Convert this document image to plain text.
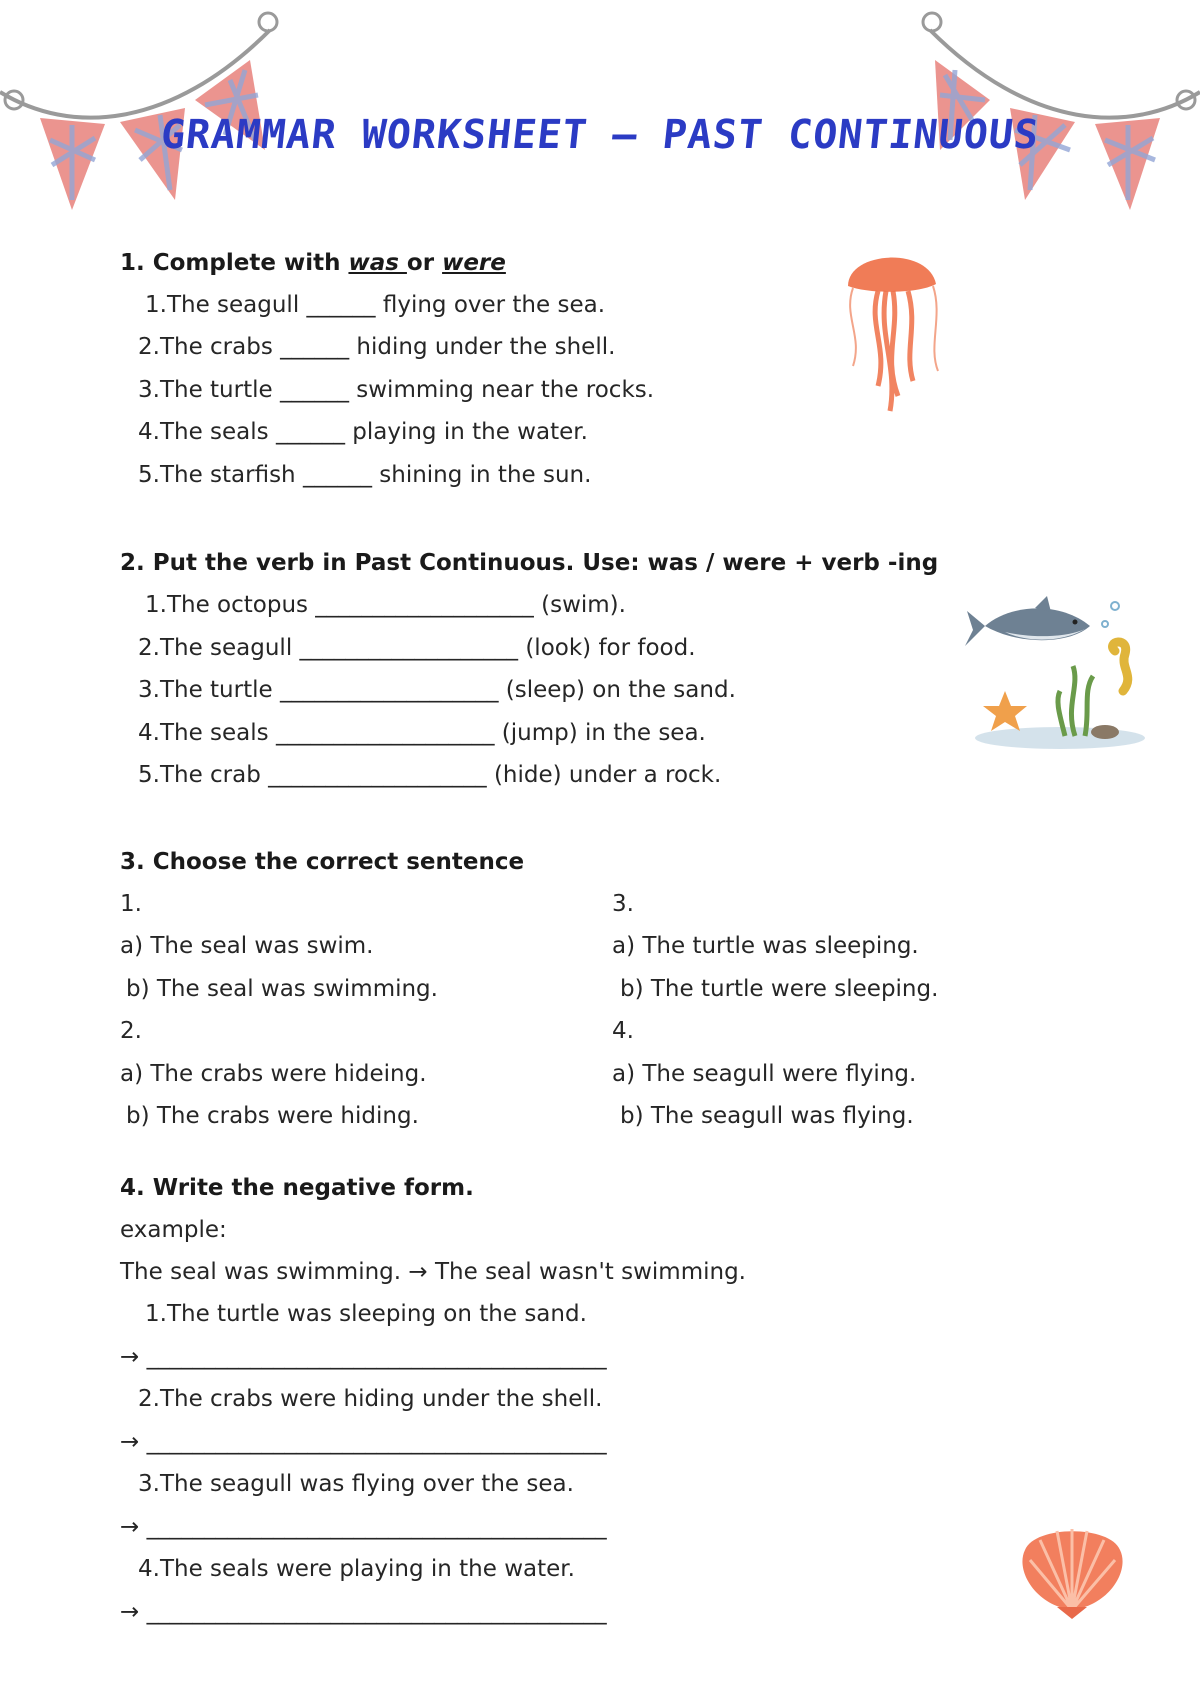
GRAMMAR WORKSHEET – PAST CONTINUOUS
1. Complete with was or were
1.The seagull ______ flying over the sea.
2.The crabs ______ hiding under the shell.
3.The turtle ______ swimming near the rocks.
4.The seals ______ playing in the water.
5.The starfish ______ shining in the sun.
2. Put the verb in Past Continuous. Use: was / were + verb -ing
1.The octopus ___________________ (swim).
2.The seagull ___________________ (look) for food.
3.The turtle ___________________ (sleep) on the sand.
4.The seals ___________________ (jump) in the sea.
5.The crab ___________________ (hide) under a rock.
3. Choose the correct sentence
1.
a) The seal was swim.
b) The seal was swimming.
2.
a) The crabs were hideing.
b) The crabs were hiding.
3.
a) The turtle was sleeping.
b) The turtle were sleeping.
4.
a) The seagull were flying.
b) The seagull was flying.
4. Write the negative form.
example:
The seal was swimming. → The seal wasn't swimming.
1.The turtle was sleeping on the sand.
→ ________________________________________
2.The crabs were hiding under the shell.
→ ________________________________________
3.The seagull was flying over the sea.
→ ________________________________________
4.The seals were playing in the water.
→ ________________________________________
